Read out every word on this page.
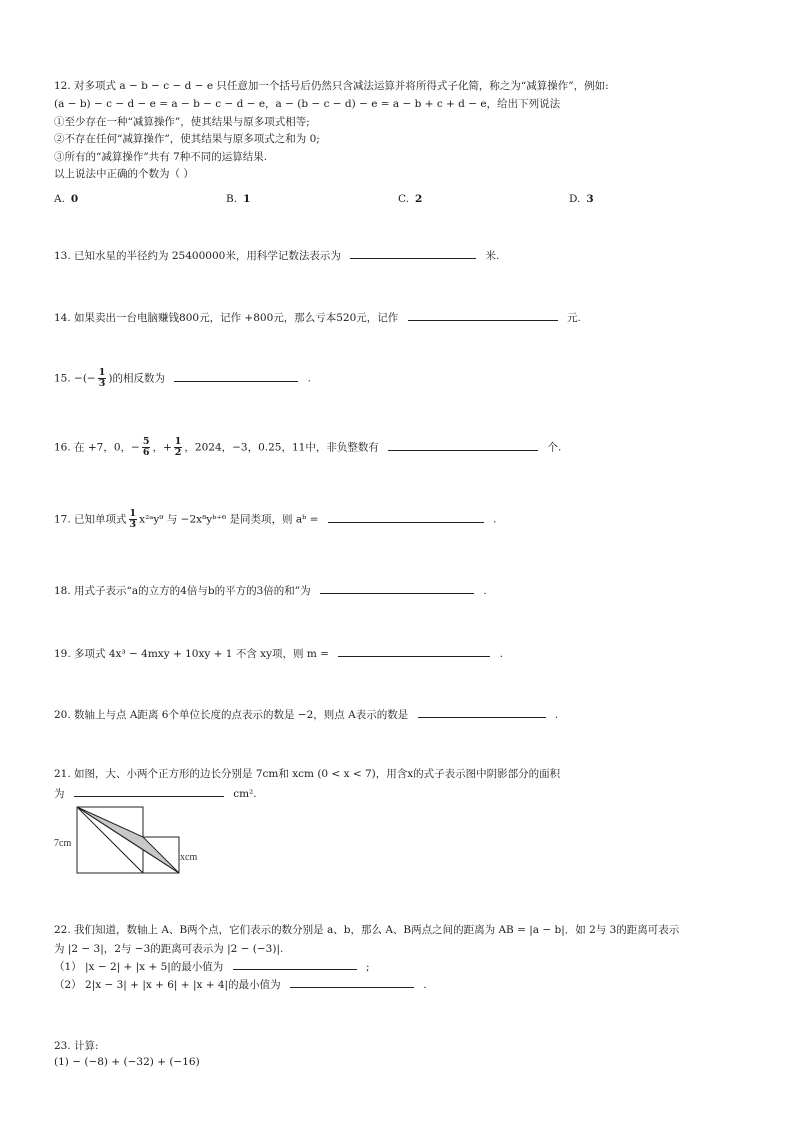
12. 对多项式 a − b − c − d − e 只任意加一个括号后仍然只含减法运算并将所得式子化简，称之为“减算操作”，例如:
(a − b) − c − d − e = a − b − c − d − e，a − (b − c − d) − e = a − b + c + d − e，给出下列说法
①至少存在一种“减算操作”，使其结果与原多项式相等;
②不存在任何“减算操作”，使其结果与原多项式之和为 0;
③所有的“减算操作”共有 7种不同的运算结果.
以上说法中正确的个数为（ ）
A. 0	B. 1	C. 2	D. 3
13. 已知水星的半径约为 25400000米，用科学记数法表示为	米.
14. 如果卖出一台电脑赚钱800元，记作 +800元，那么亏本520元，记作	元.
15. −(− $\frac{1}{3}$ )的相反数为	.
16. 在 +7，0，− $\frac{5}{6}$ ，+ $\frac{1}{2}$ ，2024，−3，0.25，11中，非负整数有	个.
17. 已知单项式 $\frac{1}{3}$ x²ᵃy⁹ 与 −2x⁸yᵇ⁺⁶ 是同类项，则 aᵇ =	.
18. 用式子表示“a的立方的4倍与b的平方的3倍的和”为	.
19. 多项式 4x³ − 4mxy + 10xy + 1 不含 xy项，则 m =	.
20. 数轴上与点 A距离 6个单位长度的点表示的数是 −2，则点 A表示的数是	.
21. 如图，大、小两个正方形的边长分别是 7cm和 xcm (0 < x < 7)，用含x的式子表示图中阴影部分的面积
为	cm².
7cm
xcm
22. 我们知道，数轴上 A、B两个点，它们表示的数分别是 a、b，那么 A、B两点之间的距离为 AB = |a − b|．如 2与 3的距离可表示
为 |2 − 3|，2与 −3的距离可表示为 |2 − (−3)|.
（1） |x − 2| + |x + 5|的最小值为	;
（2） 2|x − 3| + |x + 6| + |x + 4|的最小值为	.
23. 计算:
(1) − (−8) + (−32) + (−16)
